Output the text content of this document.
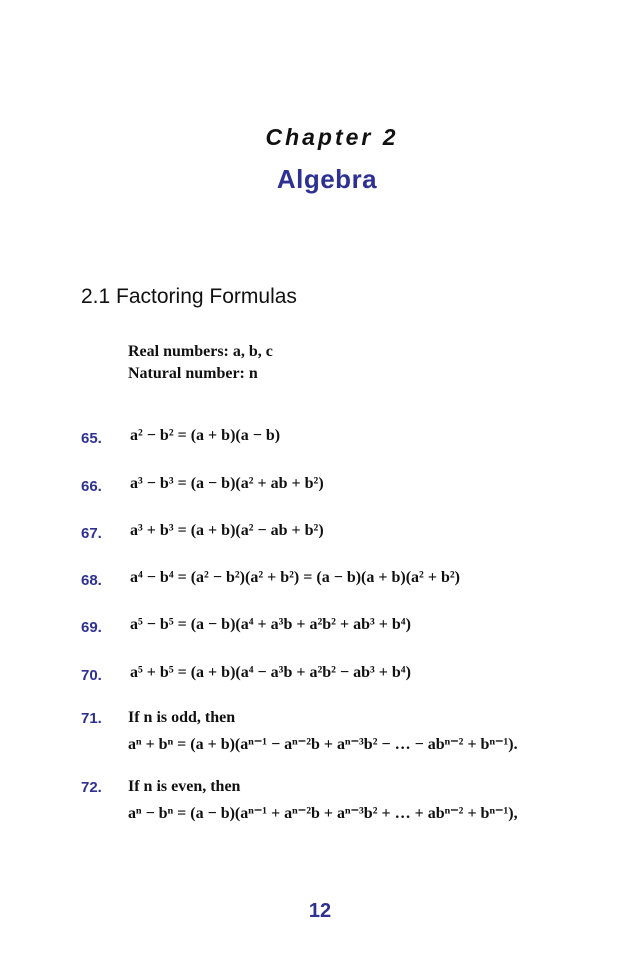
Chapter 2
Algebra
2.1 Factoring Formulas
Real numbers: a, b, c
Natural number: n
65. a² − b² = (a + b)(a − b)
66. a³ − b³ = (a − b)(a² + ab + b²)
67. a³ + b³ = (a + b)(a² − ab + b²)
68. a⁴ − b⁴ = (a² − b²)(a² + b²) = (a − b)(a + b)(a² + b²)
69. a⁵ − b⁵ = (a − b)(a⁴ + a³b + a²b² + ab³ + b⁴)
70. a⁵ + b⁵ = (a + b)(a⁴ − a³b + a²b² − ab³ + b⁴)
71. If n is odd, then
aⁿ + bⁿ = (a + b)(aⁿ⁻¹ − aⁿ⁻²b + aⁿ⁻³b² − … − abⁿ⁻² + bⁿ⁻¹).
72. If n is even, then
aⁿ − bⁿ = (a − b)(aⁿ⁻¹ + aⁿ⁻²b + aⁿ⁻³b² + … + abⁿ⁻² + bⁿ⁻¹),
12
